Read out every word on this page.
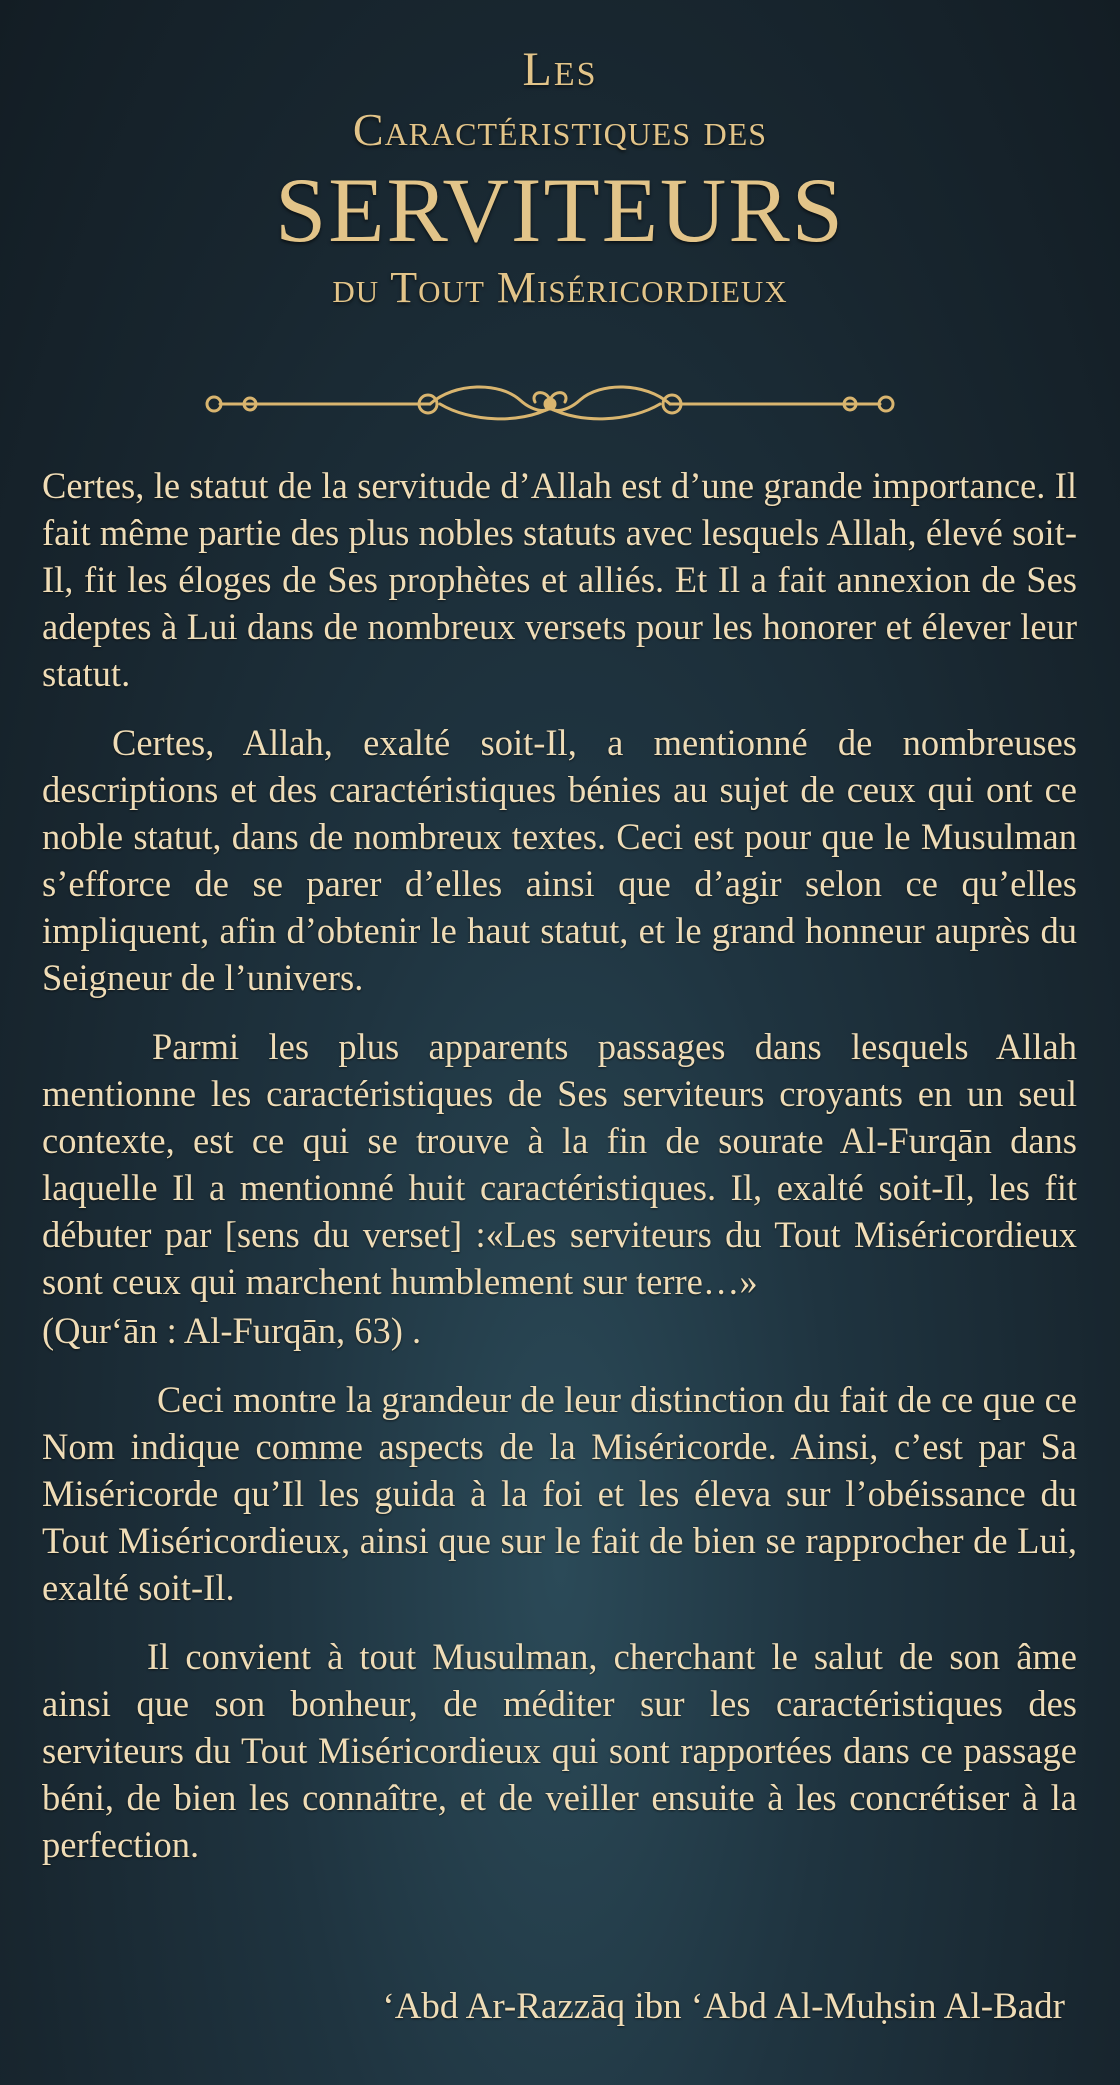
Les
Caractéristiques des
SERVITEURS
du Tout Miséricordieux

Certes, le statut de la servitude d’Allah est d’une grande importance. Il fait même partie des plus nobles statuts avec lesquels Allah, élevé soit-Il, fit les éloges de Ses prophètes et alliés. Et Il a fait annexion de Ses adeptes à Lui dans de nombreux versets pour les honorer et élever leur statut.

Certes, Allah, exalté soit-Il, a mentionné de nombreuses descriptions et des caractéristiques bénies au sujet de ceux qui ont ce noble statut, dans de nombreux textes. Ceci est pour que le Musulman s’efforce de se parer d’elles ainsi que d’agir selon ce qu’elles impliquent, afin d’obtenir le haut statut, et le grand honneur auprès du Seigneur de l’univers.

Parmi les plus apparents passages dans lesquels Allah mentionne les caractéristiques de Ses serviteurs croyants en un seul contexte, est ce qui se trouve à la fin de sourate Al-Furqān dans laquelle Il a mentionné huit caractéristiques. Il, exalté soit-Il, les fit débuter par [sens du verset] :«Les serviteurs du Tout Miséricordieux sont ceux qui marchent humblement sur terre…»

(Qur‘ān : Al-Furqān, 63) .

Ceci montre la grandeur de leur distinction du fait de ce que ce Nom indique comme aspects de la Miséricorde. Ainsi, c’est par Sa Miséricorde qu’Il les guida à la foi et les éleva sur l’obéissance du Tout Miséricordieux, ainsi que sur le fait de bien se rapprocher de Lui, exalté soit-Il.

Il convient à tout Musulman, cherchant le salut de son âme ainsi que son bonheur, de méditer sur les caractéristiques des serviteurs du Tout Miséricordieux qui sont rapportées dans ce passage béni, de bien les connaître, et de veiller ensuite à les concrétiser à la perfection.

‘Abd Ar-Razzāq ibn ‘Abd Al-Muḥsin Al-Badr
